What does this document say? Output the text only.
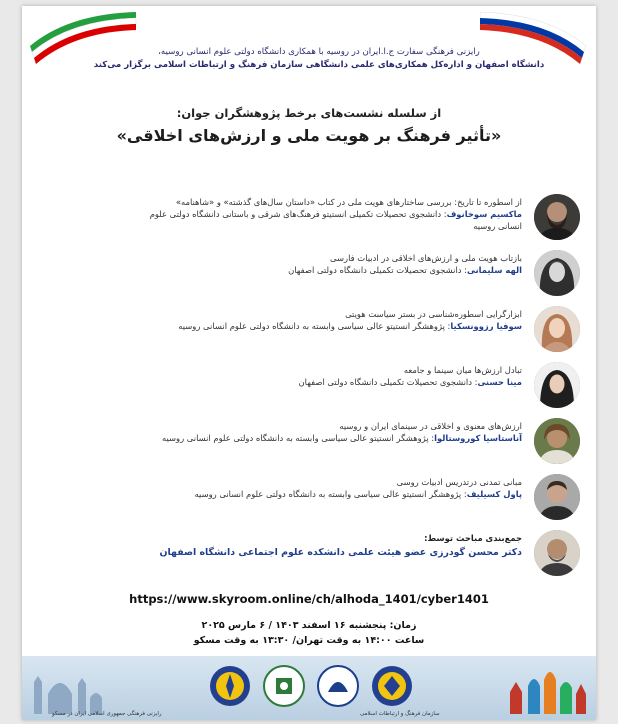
رایزنی فرهنگی سفارت ج.ا.ایران در روسیه با همکاری دانشگاه دولتی علوم انسانی روسیه،
دانشگاه اصفهان و اداره‌کل همکاری‌های علمی دانشگاهی سازمان فرهنگ و ارتباطات اسلامی برگزار می‌کند
از سلسله نشست‌های برخط پژوهشگران جوان:
«تأثیر فرهنگ بر هویت ملی و ارزش‌های اخلاقی»
از اسطوره تا تاریخ: بررسی ساختارهای هویت ملی در کتاب «داستان سال‌های گذشته» و «شاهنامه»
ماکسیم سوخانوف: دانشجوی تحصیلات تکمیلی انستیتو فرهنگ‌های شرقی و باستانی دانشگاه دولتی علوم انسانی روسیه
بازتاب هویت ملی و ارزش‌های اخلاقی در ادبیات فارسی
الهه سلیمانی: دانشجوی تحصیلات تکمیلی دانشگاه دولتی اصفهان
ابزارگرایی اسطوره‌شناسی در بستر سیاست هویتی
سوفیا رزوونسکیا: پژوهشگر انستیتو عالی سیاسی وابسته به دانشگاه دولتی علوم انسانی روسیه
تبادل ارزش‌ها میان سینما و جامعه
مینا حسنی: دانشجوی تحصیلات تکمیلی دانشگاه دولتی اصفهان
ارزش‌های معنوی و اخلاقی در سینمای ایران و روسیه
آناستاسیا کوروستالوا: پژوهشگر انستیتو عالی سیاسی وابسته به دانشگاه دولتی علوم انسانی روسیه
مبانی تمدنی درتدریس ادبیات روسی
پاول کسیلیف: پژوهشگر انستیتو عالی سیاسی وابسته به دانشگاه دولتی علوم انسانی روسیه
جمع‌بندی مباحث توسط:
دکتر محسن گودرزی عضو هیئت علمی دانشکده علوم اجتماعی دانشگاه اصفهان
https://www.skyroom.online/ch/alhoda_1401/cyber1401
زمان: پنجشنبه ۱۶ اسفند ۱۴۰۳ / ۶ مارس ۲۰۲۵
ساعت ۱۴:۰۰ به وقت تهران/ ۱۳:۳۰ به وقت مسکو
رایزنی فرهنگی جمهوری اسلامی ایران در مسکو	سازمان فرهنگ و ارتباطات اسلامی
